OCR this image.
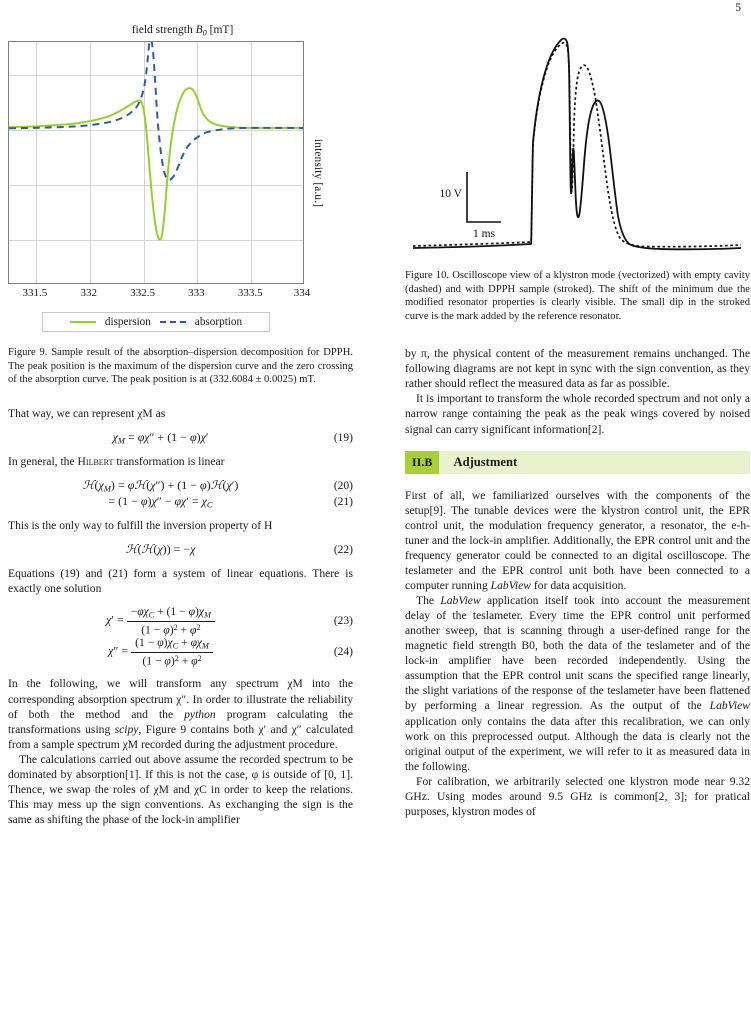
5
field strength $B_0$ [mT]
331.5	332	332.5	333	333.5	334
intensity [a.u.]
dispersion	absorption

Figure 9. Sample result of the absorption–dispersion decomposition for DPPH. The peak position is the maximum of the dispersion curve and the zero crossing of the absorption curve. The peak position is at (332.6084 ± 0.0025) mT.

That way, we can represent χM as

$\chi_M = \varphi\chi'' + (1 - \varphi)\chi'$	(19)

In general, the Hilbert transformation is linear

$ℋ(\chi_M)$ = φℋ(χ″) + (1 − φ)ℋ(χ′)	(20)
= $(1 - \varphi)\chi'' - \varphi\chi' = \chi_C$	(21)

This is the only way to fulfill the inversion property of H

ℋ(ℋ(χ)) = −χ	(22)

Equations (19) and (21) form a system of linear equations. There is exactly one solution

$\chi' = \frac{-\varphi\chi_C + (1 - \varphi)\chi_M}{(1 - \varphi)^2 + \varphi^2}$	(23)
$\chi'' = \frac{(1 - \varphi)\chi_C + \varphi\chi_M}{(1 - \varphi)^2 + \varphi^2}$	(24)

In the following, we will transform any spectrum χM into the corresponding absorption spectrum χ″. In order to illustrate the reliability of both the method and the python program calculating the transformations using scipy, Figure 9 contains both χ′ and χ″ calculated from a sample spectrum χM recorded during the adjustment procedure.

The calculations carried out above assume the recorded spectrum to be dominated by absorption[1]. If this is not the case, φ is outside of [0, 1]. Thence, we swap the roles of χM and χC in order to keep the relations. This may mess up the sign conventions. As exchanging the sign is the same as shifting the phase of the lock-in amplifier

10 V
1 ms

Figure 10. Oscilloscope view of a klystron mode (vectorized) with empty cavity (dashed) and with DPPH sample (stroked). The shift of the minimum due the modified resonator properties is clearly visible. The small dip in the stroked curve is the mark added by the reference resonator.

by π, the physical content of the measurement remains unchanged. The following diagrams are not kept in sync with the sign convention, as they rather should reflect the measured data as far as possible.

It is important to transform the whole recorded spectrum and not only a narrow range containing the peak as the peak wings covered by noised signal can carry significant information[2].

II.B	Adjustment

First of all, we familiarized ourselves with the components of the setup[9]. The tunable devices were the klystron control unit, the EPR control unit, the modulation frequency generator, a resonator, the e-h-tuner and the lock-in amplifier. Additionally, the EPR control unit and the frequency generator could be connected to an digital oscilloscope. The teslameter and the EPR control unit both have been connected to a computer running LabView for data acquisition.

The LabView application itself took into account the measurement delay of the teslameter. Every time the EPR control unit performed another sweep, that is scanning through a user-defined range for the magnetic field strength B0, both the data of the teslameter and of the lock-in amplifier have been recorded independently. Using the assumption that the EPR control unit scans the specified range linearly, the slight variations of the response of the teslameter have been flattened by performing a linear regression. As the output of the LabView application only contains the data after this recalibration, we can only work on this preprocessed output. Although the data is clearly not the original output of the experiment, we will refer to it as measured data in the following.

For calibration, we arbitrarily selected one klystron mode near 9.32 GHz. Using modes around 9.5 GHz is common[2, 3]; for pratical purposes, klystron modes of
